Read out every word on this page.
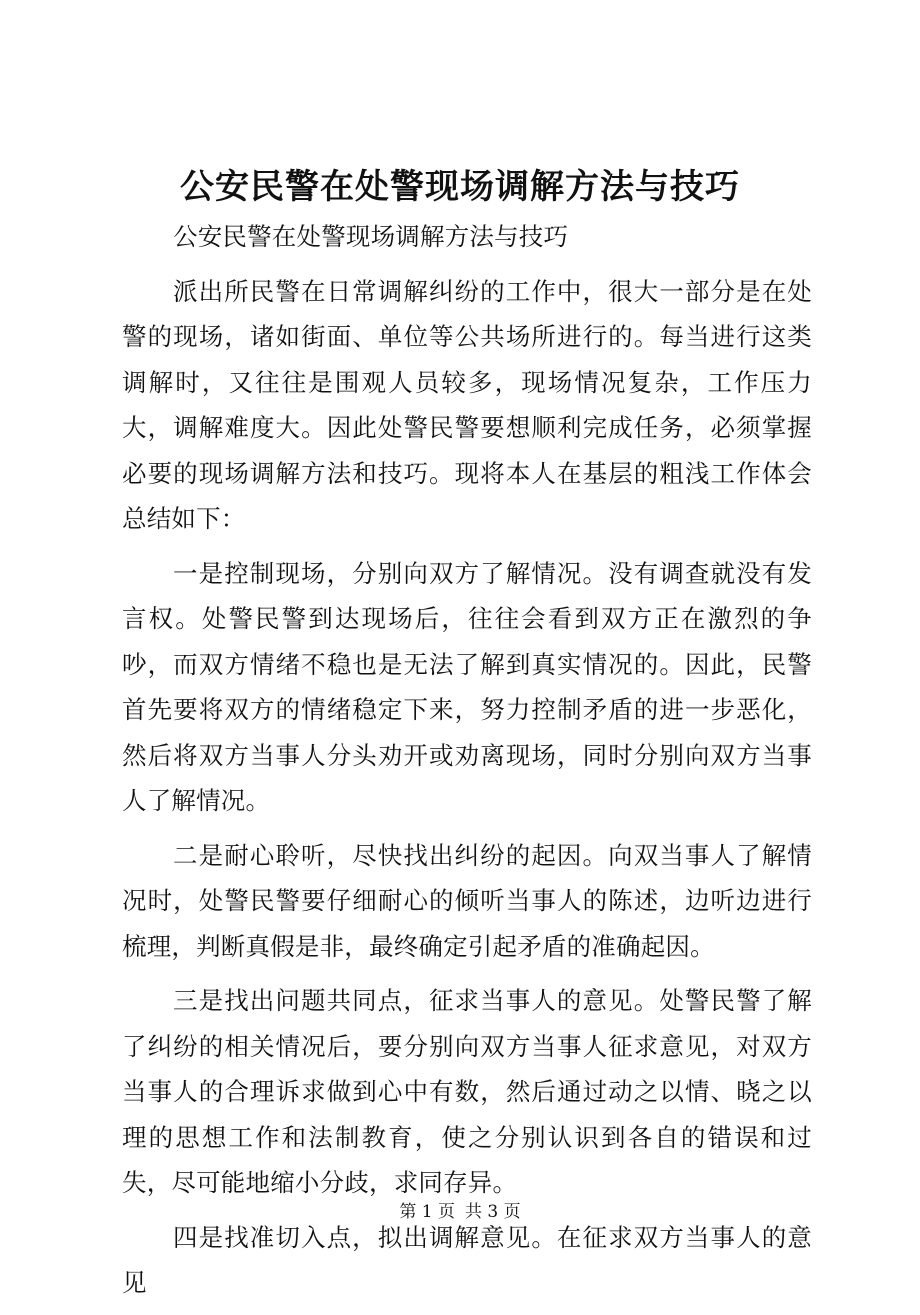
公安民警在处警现场调解方法与技巧

公安民警在处警现场调解方法与技巧

派出所民警在日常调解纠纷的工作中，很大一部分是在处警的现场，诸如街面、单位等公共场所进行的。每当进行这类调解时，又往往是围观人员较多，现场情况复杂，工作压力大，调解难度大。因此处警民警要想顺利完成任务，必须掌握必要的现场调解方法和技巧。现将本人在基层的粗浅工作体会总结如下：

一是控制现场，分别向双方了解情况。没有调查就没有发言权。处警民警到达现场后，往往会看到双方正在激烈的争吵，而双方情绪不稳也是无法了解到真实情况的。因此，民警首先要将双方的情绪稳定下来，努力控制矛盾的进一步恶化，然后将双方当事人分头劝开或劝离现场，同时分别向双方当事人了解情况。

二是耐心聆听，尽快找出纠纷的起因。向双当事人了解情况时，处警民警要仔细耐心的倾听当事人的陈述，边听边进行梳理，判断真假是非，最终确定引起矛盾的准确起因。

三是找出问题共同点，征求当事人的意见。处警民警了解了纠纷的相关情况后，要分别向双方当事人征求意见，对双方当事人的合理诉求做到心中有数，然后通过动之以情、晓之以理的思想工作和法制教育，使之分别认识到各自的错误和过失，尽可能地缩小分歧，求同存异。

四是找准切入点，拟出调解意见。在征求双方当事人的意见

第 1 页 共 3 页
